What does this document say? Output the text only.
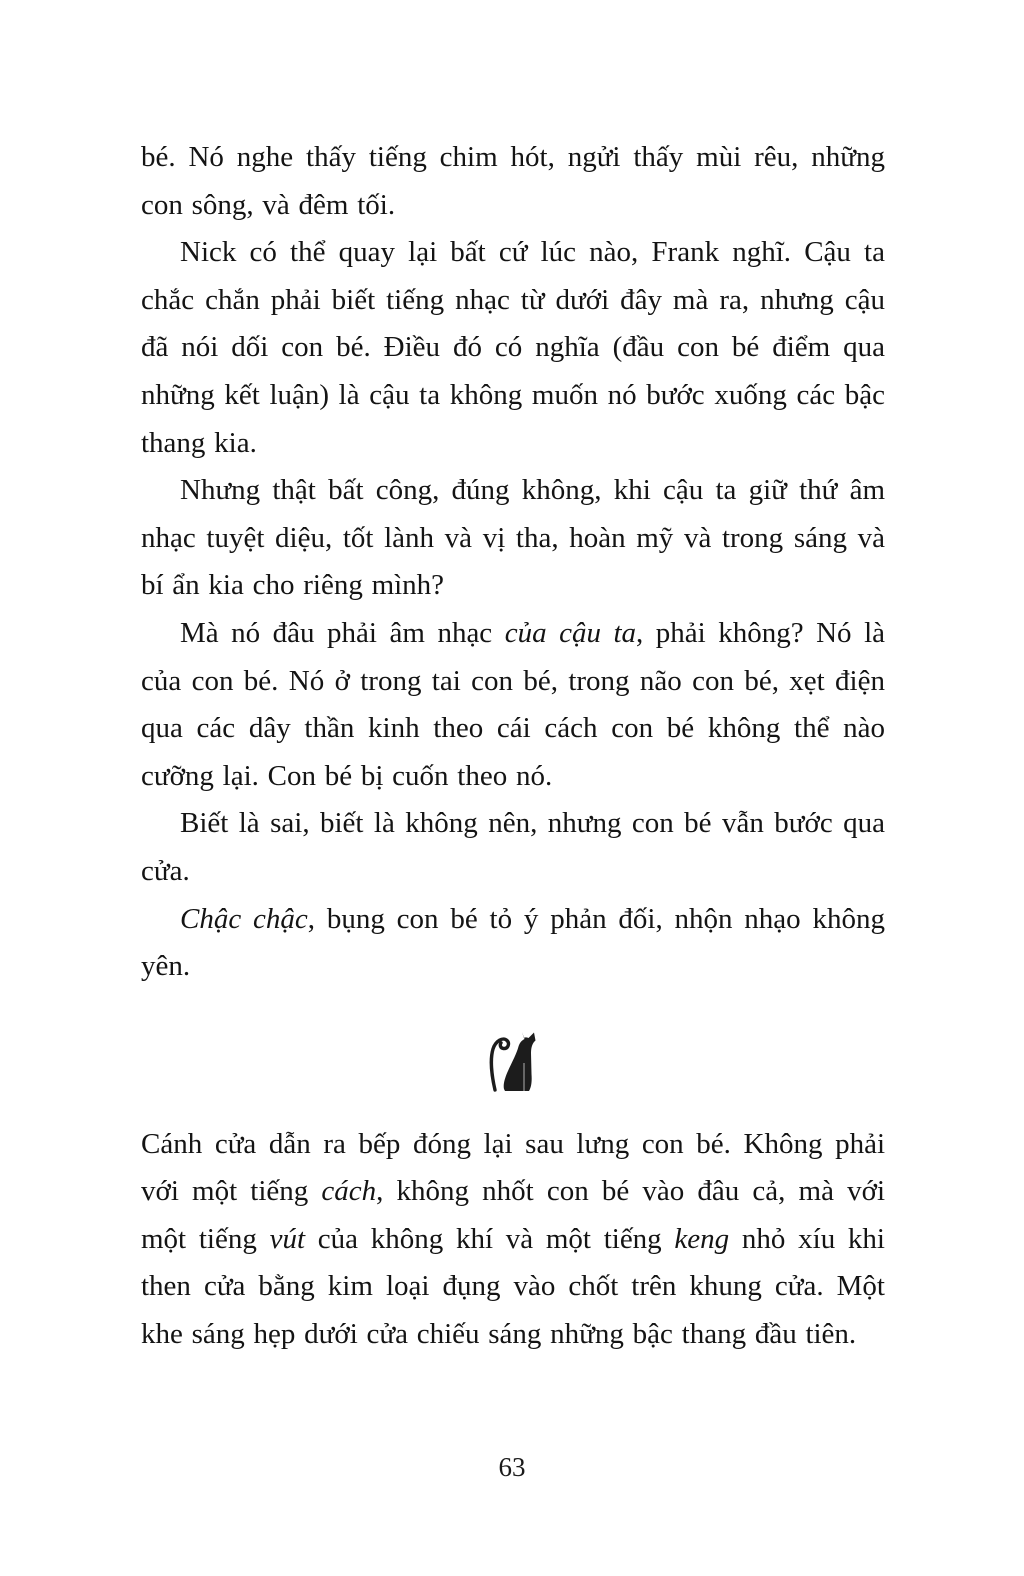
bé. Nó nghe thấy tiếng chim hót, ngửi thấy mùi rêu, những con sông, và đêm tối.

Nick có thể quay lại bất cứ lúc nào, Frank nghĩ. Cậu ta chắc chắn phải biết tiếng nhạc từ dưới đây mà ra, nhưng cậu đã nói dối con bé. Điều đó có nghĩa (đầu con bé điểm qua những kết luận) là cậu ta không muốn nó bước xuống các bậc thang kia.

Nhưng thật bất công, đúng không, khi cậu ta giữ thứ âm nhạc tuyệt diệu, tốt lành và vị tha, hoàn mỹ và trong sáng và bí ẩn kia cho riêng mình?

Mà nó đâu phải âm nhạc của cậu ta, phải không? Nó là của con bé. Nó ở trong tai con bé, trong não con bé, xẹt điện qua các dây thần kinh theo cái cách con bé không thể nào cưỡng lại. Con bé bị cuốn theo nó.

Biết là sai, biết là không nên, nhưng con bé vẫn bước qua cửa.

Chậc chậc, bụng con bé tỏ ý phản đối, nhộn nhạo không yên.

Cánh cửa dẫn ra bếp đóng lại sau lưng con bé. Không phải với một tiếng cách, không nhốt con bé vào đâu cả, mà với một tiếng vút của không khí và một tiếng keng nhỏ xíu khi then cửa bằng kim loại đụng vào chốt trên khung cửa. Một khe sáng hẹp dưới cửa chiếu sáng những bậc thang đầu tiên.

63
